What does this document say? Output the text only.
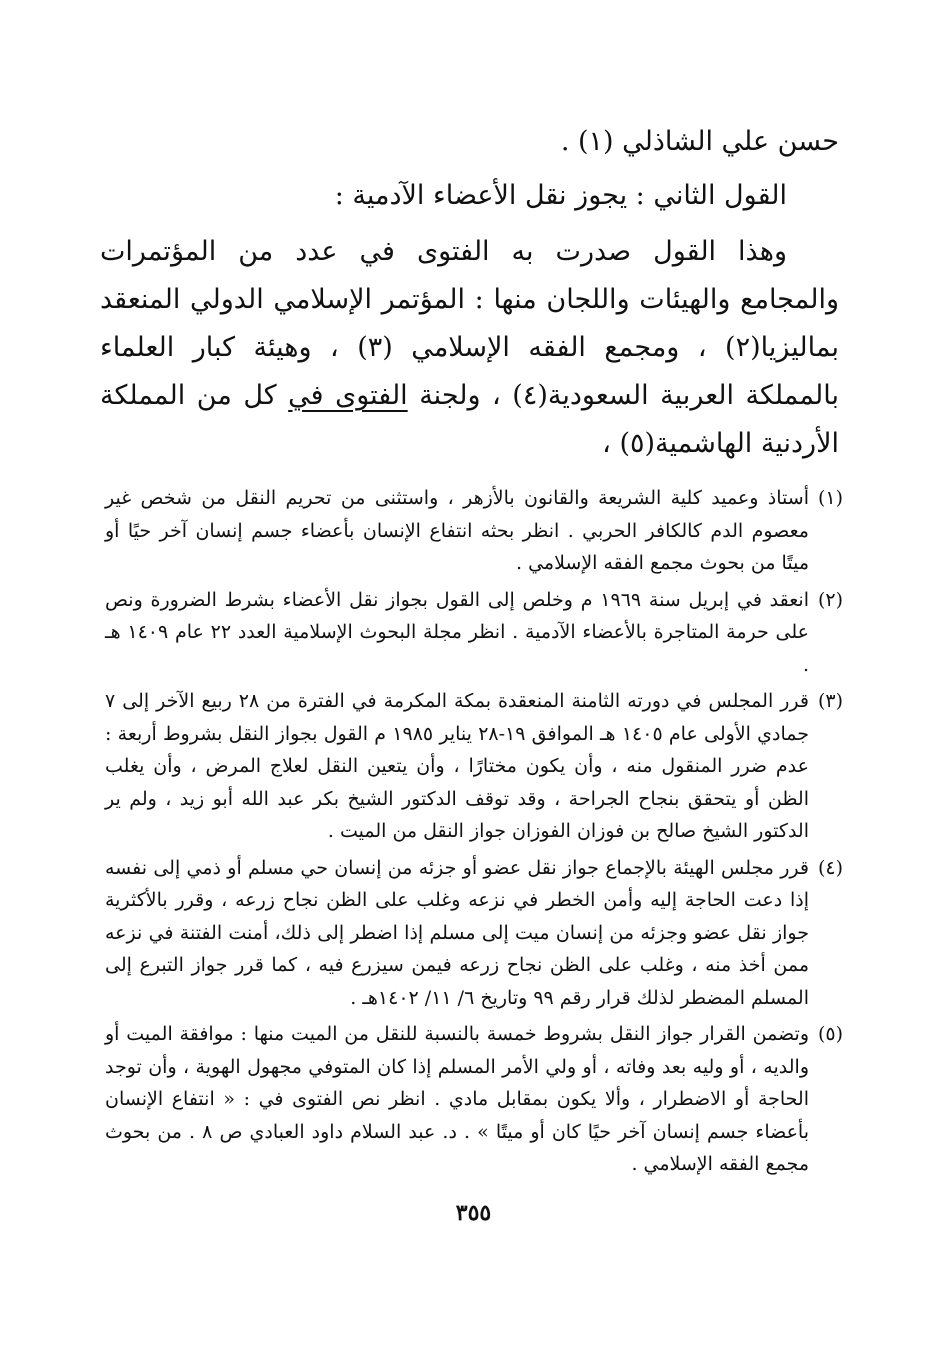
حسن علي الشاذلي (١) .

القول الثاني : يجوز نقل الأعضاء الآدمية :

وهذا القول صدرت به الفتوى في عدد من المؤتمرات والمجامع والهيئات واللجان منها : المؤتمر الإسلامي الدولي المنعقد بماليزيا(٢) ، ومجمع الفقه الإسلامي (٣) ، وهيئة كبار العلماء بالمملكة العربية السعودية(٤) ، ولجنة الفتوى في كل من المملكة الأردنية الهاشمية(٥) ،

(١)
أستاذ وعميد كلية الشريعة والقانون بالأزهر ، واستثنى من تحريم النقل من شخص غير معصوم الدم كالكافر الحربي . انظر بحثه انتفاع الإنسان بأعضاء جسم إنسان آخر حيًا أو ميتًا من بحوث مجمع الفقه الإسلامي .
(٢)
انعقد في إبريل سنة ١٩٦٩ م وخلص إلى القول بجواز نقل الأعضاء بشرط الضرورة ونص على حرمة المتاجرة بالأعضاء الآدمية . انظر مجلة البحوث الإسلامية العدد ٢٢ عام ١٤٠٩ هـ .
(٣)
قرر المجلس في دورته الثامنة المنعقدة بمكة المكرمة في الفترة من ٢٨ ربيع الآخر إلى ٧ جمادي الأولى عام ١٤٠٥ هـ الموافق ١٩-٢٨ يناير ١٩٨٥ م القول بجواز النقل بشروط أربعة : عدم ضرر المنقول منه ، وأن يكون مختارًا ، وأن يتعين النقل لعلاج المرض ، وأن يغلب الظن أو يتحقق بنجاح الجراحة ، وقد توقف الدكتور الشيخ بكر عبد الله أبو زيد ، ولم ير الدكتور الشيخ صالح بن فوزان الفوزان جواز النقل من الميت .
(٤)
قرر مجلس الهيئة بالإجماع جواز نقل عضو أو جزئه من إنسان حي مسلم أو ذمي إلى نفسه إذا دعت الحاجة إليه وأمن الخطر في نزعه وغلب على الظن نجاح زرعه ، وقرر بالأكثرية جواز نقل عضو وجزئه من إنسان ميت إلى مسلم إذا اضطر إلى ذلك، أمنت الفتنة في نزعه ممن أخذ منه ، وغلب على الظن نجاح زرعه فيمن سيزرع فيه ، كما قرر جواز التبرع إلى المسلم المضطر لذلك قرار رقم ٩٩ وتاريخ ٦/ ١١/ ١٤٠٢هـ .
(٥)
وتضمن القرار جواز النقل بشروط خمسة بالنسبة للنقل من الميت منها : موافقة الميت أو والديه ، أو وليه بعد وفاته ، أو ولي الأمر المسلم إذا كان المتوفي مجهول الهوية ، وأن توجد الحاجة أو الاضطرار ، وألا يكون بمقابل مادي . انظر نص الفتوى في : « انتفاع الإنسان بأعضاء جسم إنسان آخر حيًا كان أو ميتًا » . د. عبد السلام داود العبادي ص ٨ . من بحوث مجمع الفقه الإسلامي .
٣٥٥
